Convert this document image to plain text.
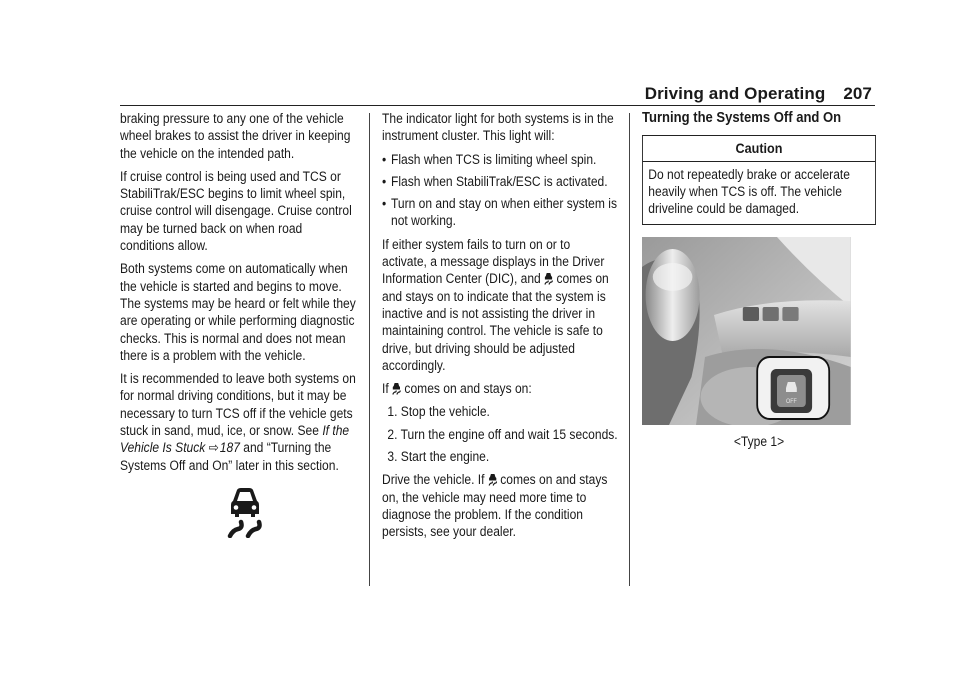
Driving and Operating 207

braking pressure to any one of the vehicle wheel brakes to assist the driver in keeping the vehicle on the intended path.

If cruise control is being used and TCS or StabiliTrak/ESC begins to limit wheel spin, cruise control will disengage. Cruise control may be turned back on when road conditions allow.

Both systems come on automatically when the vehicle is started and begins to move. The systems may be heard or felt while they are operating or while performing diagnostic checks. This is normal and does not mean there is a problem with the vehicle.

It is recommended to leave both systems on for normal driving conditions, but it may be necessary to turn TCS off if the vehicle gets stuck in sand, mud, ice, or snow. See If the Vehicle Is Stuck ⇨ 187 and “Turning the Systems Off and On” later in this section.

The indicator light for both systems is in the instrument cluster. This light will:

• Flash when TCS is limiting wheel spin.
• Flash when StabiliTrak/ESC is activated.
• Turn on and stay on when either system is not working.

If either system fails to turn on or to activate, a message displays in the Driver Information Center (DIC), and comes on and stays on to indicate that the system is inactive and is not assisting the driver in maintaining control. The vehicle is safe to drive, but driving should be adjusted accordingly.

If comes on and stays on:

1. Stop the vehicle.
2. Turn the engine off and wait 15 seconds.
3. Start the engine.

Drive the vehicle. If comes on and stays on, the vehicle may need more time to diagnose the problem. If the condition persists, see your dealer.

Turning the Systems Off and On
Caution
Do not repeatedly brake or accelerate heavily when TCS is off. The vehicle driveline could be damaged.
OFF
<Type 1>
